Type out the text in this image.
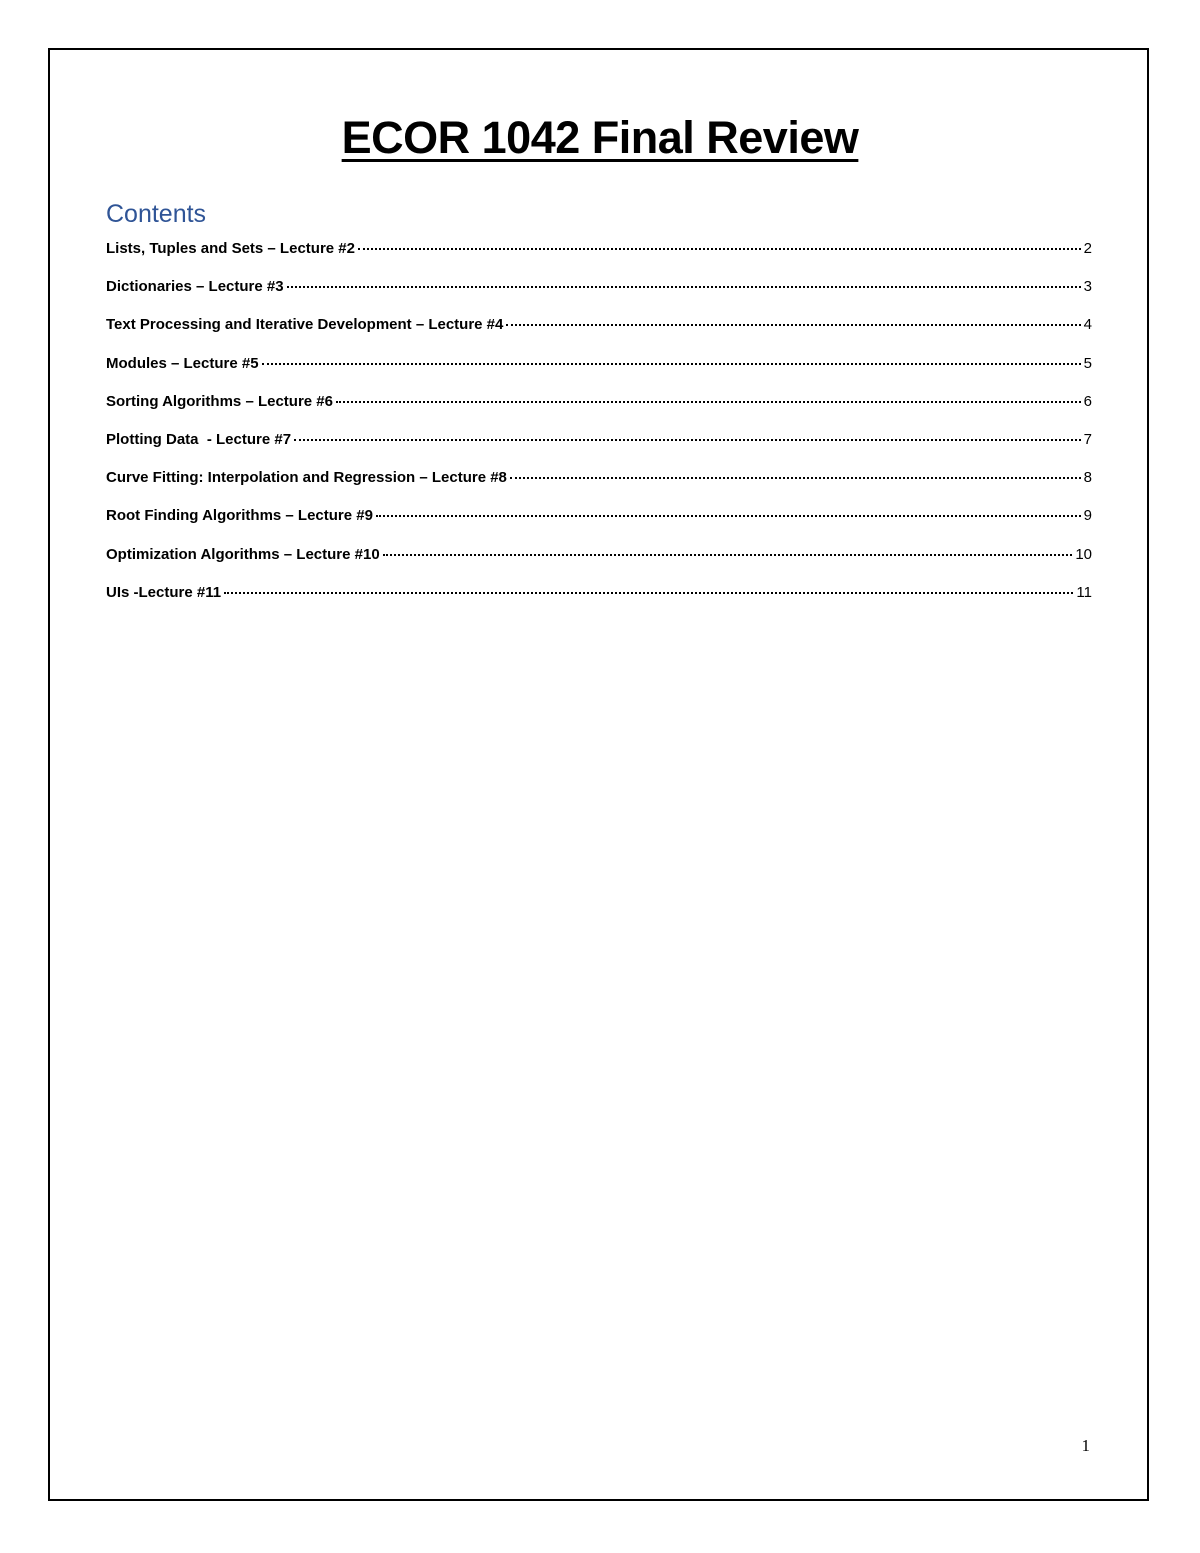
ECOR 1042 Final Review
Contents
Lists, Tuples and Sets – Lecture #2	2
Dictionaries – Lecture #3	3
Text Processing and Iterative Development – Lecture #4	4
Modules – Lecture #5	5
Sorting Algorithms – Lecture #6	6
Plotting Data  - Lecture #7	7
Curve Fitting: Interpolation and Regression – Lecture #8	8
Root Finding Algorithms – Lecture #9	9
Optimization Algorithms – Lecture #10	10
UIs -Lecture #11	11
1
